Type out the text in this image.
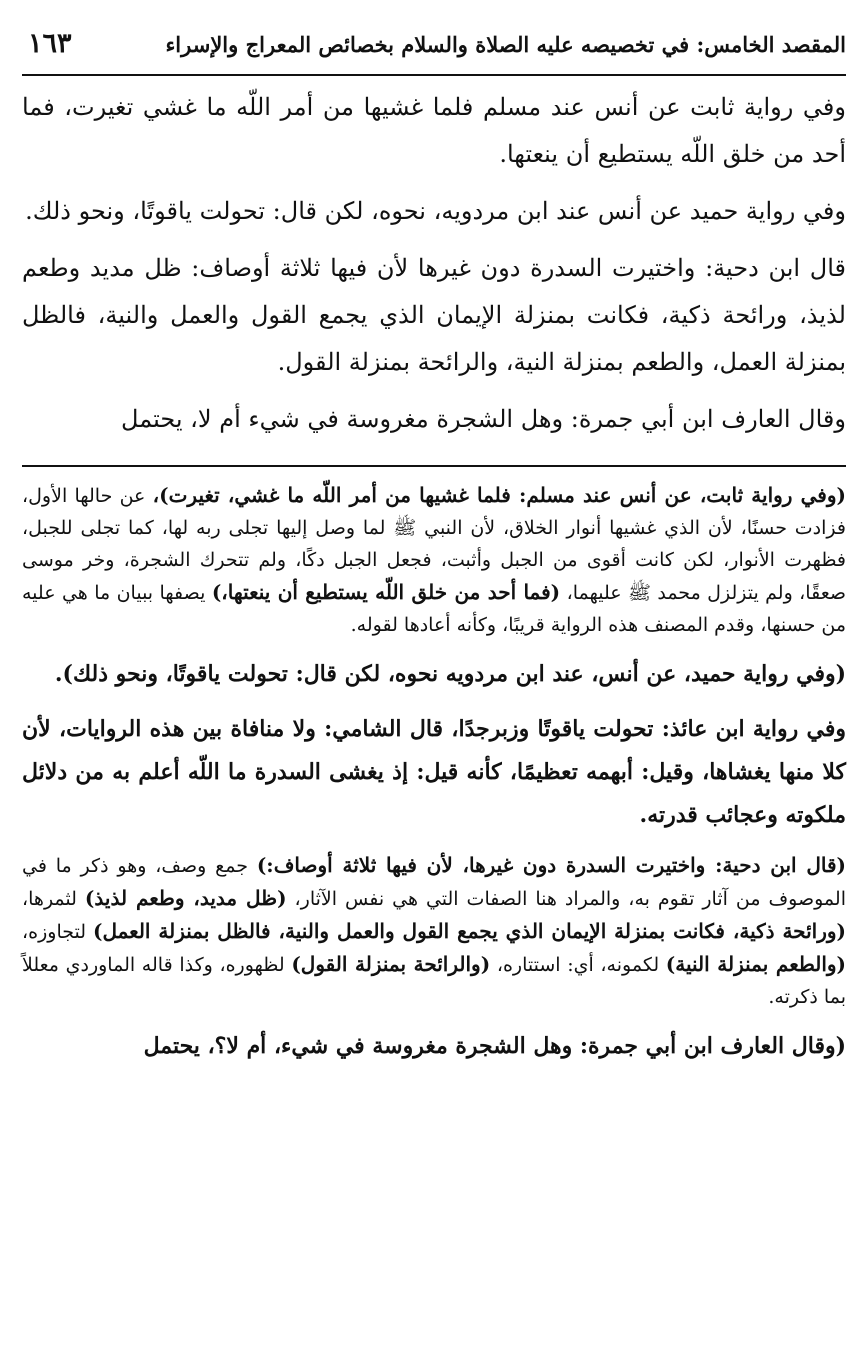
المقصد الخامس: في تخصيصه عليه الصلاة والسلام بخصائص المعراج والإسراء
١٦٣

وفي رواية ثابت عن أنس عند مسلم فلما غشيها من أمر اللّه ما غشي تغيرت، فما أحد من خلق اللّه يستطيع أن ينعتها.

وفي رواية حميد عن أنس عند ابن مردويه، نحوه، لكن قال: تحولت ياقوتًا، ونحو ذلك.

قال ابن دحية: واختيرت السدرة دون غيرها لأن فيها ثلاثة أوصاف: ظل مديد وطعم لذيذ، ورائحة ذكية، فكانت بمنزلة الإيمان الذي يجمع القول والعمل والنية، فالظل بمنزلة العمل، والطعم بمنزلة النية، والرائحة بمنزلة القول.

وقال العارف ابن أبي جمرة: وهل الشجرة مغروسة في شيء أم لا، يحتمل

(وفي رواية ثابت، عن أنس عند مسلم: فلما غشيها من أمر اللّه ما غشي، تغيرت)، عن حالها الأول، فزادت حسنًا، لأن الذي غشيها أنوار الخلاق، لأن النبي ﷺ لما وصل إليها تجلى ربه لها، كما تجلى للجبل، فظهرت الأنوار، لكن كانت أقوى من الجبل وأثبت، فجعل الجبل دكًا، ولم تتحرك الشجرة، وخر موسى صعقًا، ولم يتزلزل محمد ﷺ عليهما، (فما أحد من خلق اللّه يستطيع أن ينعتها،) يصفها ببيان ما هي عليه من حسنها، وقدم المصنف هذه الرواية قريبًا، وكأنه أعادها لقوله.

(وفي رواية حميد، عن أنس، عند ابن مردويه نحوه، لكن قال: تحولت ياقوتًا، ونحو ذلك).

وفي رواية ابن عائذ: تحولت ياقوتًا وزبرجدًا، قال الشامي: ولا منافاة بين هذه الروايات، لأن كلا منها يغشاها، وقيل: أبهمه تعظيمًا، كأنه قيل: إذ يغشى السدرة ما اللّه أعلم به من دلائل ملكوته وعجائب قدرته.

(قال ابن دحية: واختيرت السدرة دون غيرها، لأن فيها ثلاثة أوصاف:) جمع وصف، وهو ذكر ما في الموصوف من آثار تقوم به، والمراد هنا الصفات التي هي نفس الآثار، (ظل مديد، وطعم لذيذ) لثمرها، (ورائحة ذكية، فكانت بمنزلة الإيمان الذي يجمع القول والعمل والنية، فالظل بمنزلة العمل) لتجاوزه، (والطعم بمنزلة النية) لكمونه، أي: استتاره، (والرائحة بمنزلة القول) لظهوره، وكذا قاله الماوردي معللاً بما ذكرته.

(وقال العارف ابن أبي جمرة: وهل الشجرة مغروسة في شيء، أم لا؟، يحتمل
